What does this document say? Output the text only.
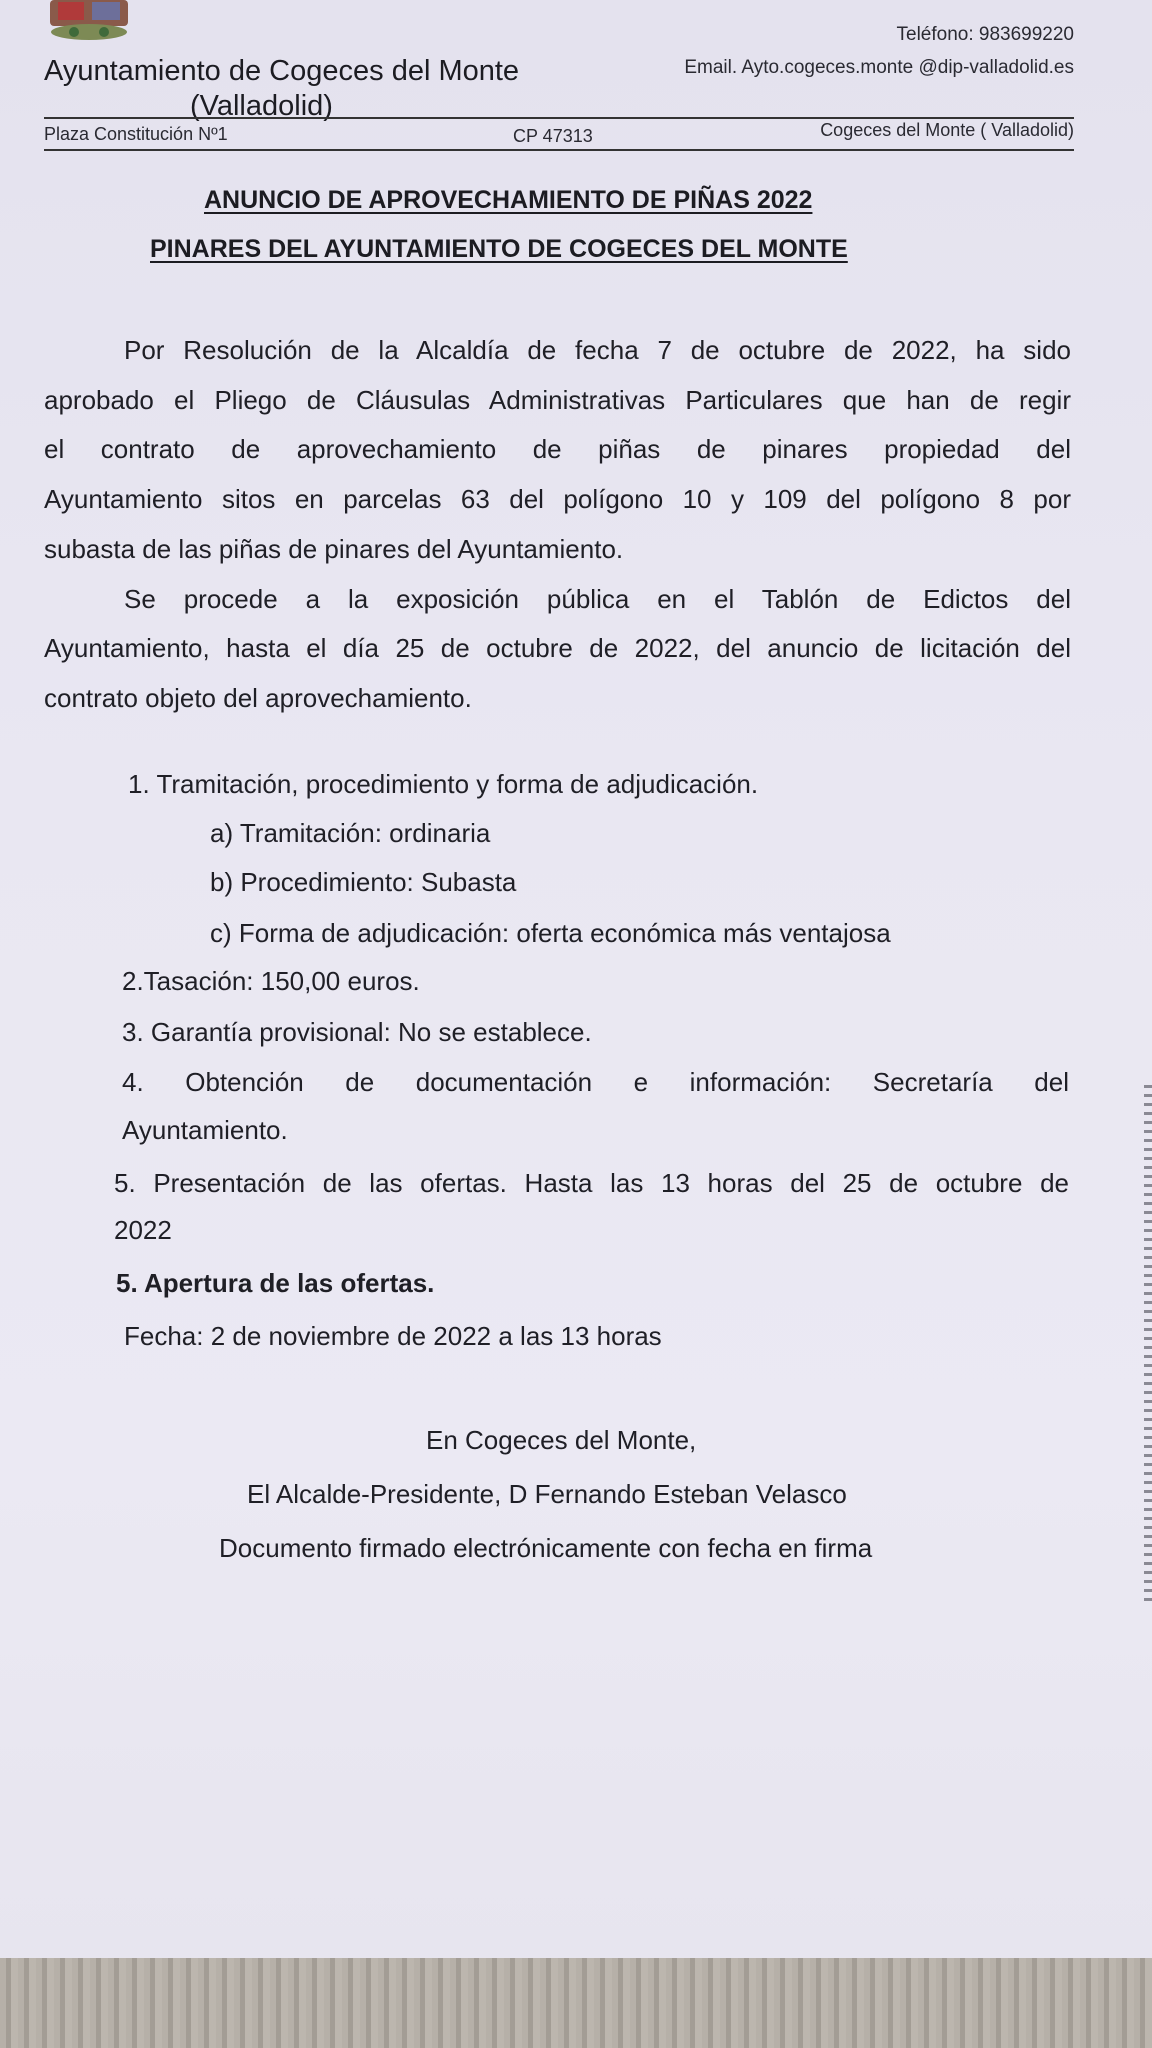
Ayuntamiento de Cogeces del Monte
(Valladolid)
Teléfono: 983699220
Email. Ayto.cogeces.monte @dip-valladolid.es
Plaza Constitución Nº1	CP 47313	Cogeces del Monte ( Valladolid)
ANUNCIO DE APROVECHAMIENTO DE PIÑAS 2022
PINARES DEL AYUNTAMIENTO DE COGECES DEL MONTE
Por Resolución de la Alcaldía de fecha 7 de octubre de 2022, ha sido
aprobado el Pliego de Cláusulas Administrativas Particulares que han de regir
el contrato de aprovechamiento de piñas de pinares propiedad del
Ayuntamiento sitos en parcelas 63 del polígono 10 y 109 del polígono 8 por
subasta de las piñas de pinares del Ayuntamiento.
Se procede a la exposición pública en el Tablón de Edictos del
Ayuntamiento, hasta el día 25 de octubre de 2022, del anuncio de licitación del
contrato objeto del aprovechamiento.
1. Tramitación, procedimiento y forma de adjudicación.
a) Tramitación: ordinaria
b) Procedimiento: Subasta
c) Forma de adjudicación: oferta económica más ventajosa
2.Tasación: 150,00 euros.
3. Garantía provisional: No se establece.
4. Obtención de documentación e información: Secretaría del
Ayuntamiento.
5. Presentación de las ofertas. Hasta las 13 horas del 25 de octubre de
2022
5. Apertura de las ofertas.
Fecha: 2 de noviembre de 2022 a las 13 horas
En Cogeces del Monte,
El Alcalde-Presidente, D Fernando Esteban Velasco
Documento firmado electrónicamente con fecha en firma
